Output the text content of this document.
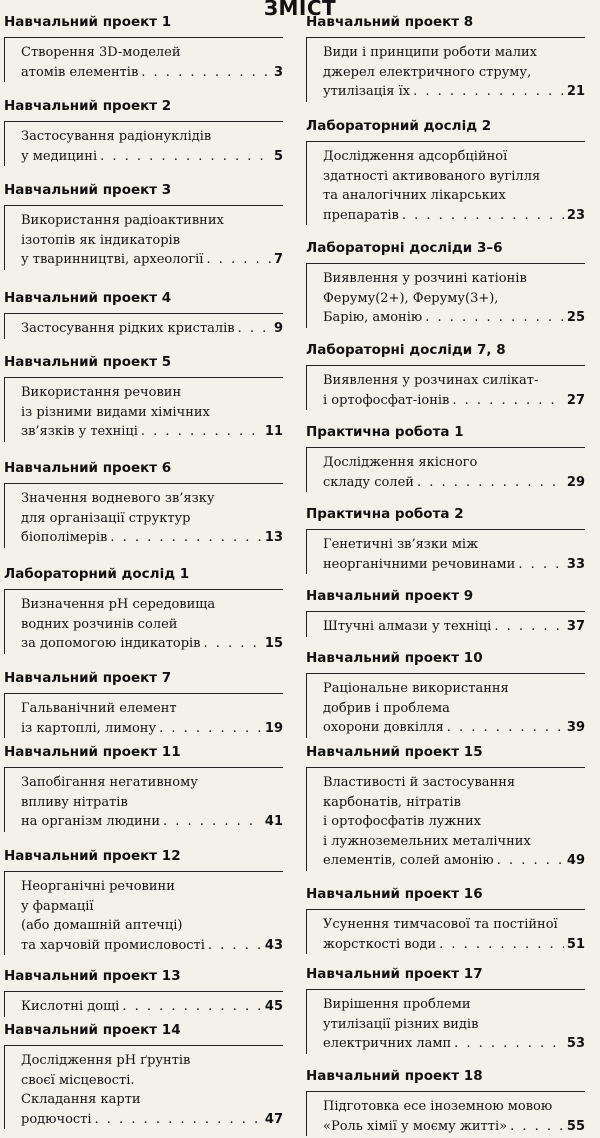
ЗМІСТ
Навчальний проект 1
Створення 3D-моделей
атомів елементів . . .	3
Навчальний проект 2
Застосування радіонуклідів
у медицині . . .	5
Навчальний проект 3
Використання радіоактивних
ізотопів як індикаторів
у тваринництві, археології . . .	7
Навчальний проект 4
Застосування рідких кристалів . . .	9
Навчальний проект 5
Використання речовин
із різними видами хімічних
зв’язків у техніці . . .	11
Навчальний проект 6
Значення водневого зв’язку
для організації структур
біополімерів . . .	13
Лабораторний дослід 1
Визначення pH середовища
водних розчинів солей
за допомогою індикаторів . . .	15
Навчальний проект 7
Гальванічний елемент
із картоплі, лимону . . .	19
Навчальний проект 11
Запобігання негативному
впливу нітратів
на організм людини . . .	41
Навчальний проект 12
Неорганічні речовини
у фармації
(або домашній аптечці)
та харчовій промисловості . . .	43
Навчальний проект 13
Кислотні дощі . . .	45
Навчальний проект 14
Дослідження pH ґрунтів
своєї місцевості.
Складання карти
родючості . . .	47
Навчальний проект 8
Види і принципи роботи малих
джерел електричного струму,
утилізація їх . . .	21
Лабораторний дослід 2
Дослідження адсорбційної
здатності активованого вугілля
та аналогічних лікарських
препаратів . . .	23
Лабораторні досліди 3–6
Виявлення у розчині катіонів
Феруму(2+), Феруму(3+),
Барію, амонію . . .	25
Лабораторні досліди 7, 8
Виявлення у розчинах силікат-
і ортофосфат-іонів . . .	27
Практична робота 1
Дослідження якісного
складу солей . . .	29
Практична робота 2
Генетичні зв’язки між
неорганічними речовинами . . .	33
Навчальний проект 9
Штучні алмази у техніці . . .	37
Навчальний проект 10
Раціональне використання
добрив і проблема
охорони довкілля . . .	39
Навчальний проект 15
Властивості й застосування
карбонатів, нітратів
і ортофосфатів лужних
і лужноземельних металічних
елементів, солей амонію . . .	49
Навчальний проект 16
Усунення тимчасової та постійної
жорсткості води . . .	51
Навчальний проект 17
Вирішення проблеми
утилізації різних видів
електричних ламп . . .	53
Навчальний проект 18
Підготовка есе іноземною мовою
«Роль хімії у моєму житті» . . .	55
